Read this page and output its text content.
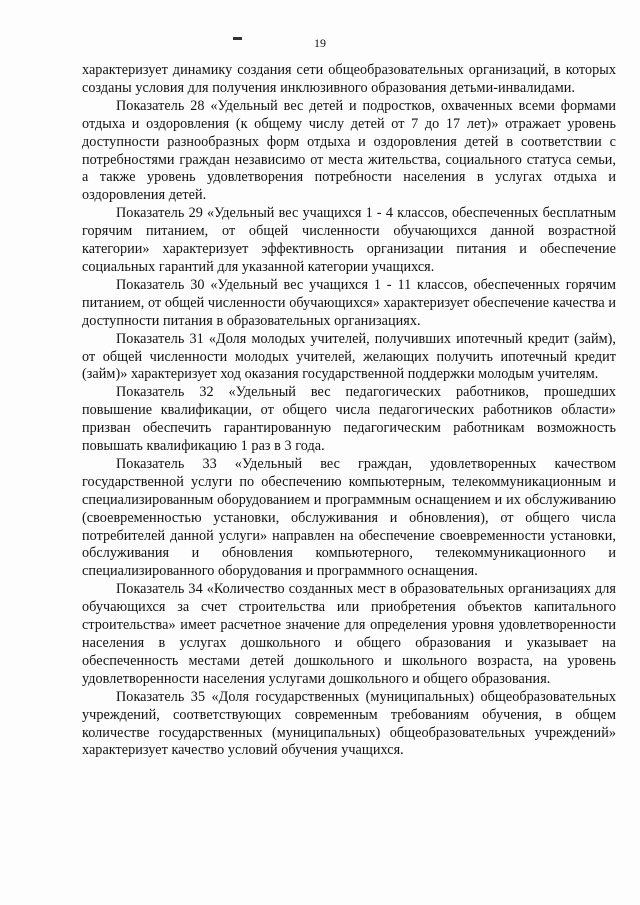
19

характеризует динамику создания сети общеобразовательных организаций, в которых созданы условия для получения инклюзивного образования детьми-инвалидами.

Показатель 28 «Удельный вес детей и подростков, охваченных всеми формами отдыха и оздоровления (к общему числу детей от 7 до 17 лет)» отражает уровень доступности разнообразных форм отдыха и оздоровления детей в соответствии с потребностями граждан независимо от места жительства, социального статуса семьи, а также уровень удовлетворения потребности населения в услугах отдыха и оздоровления детей.

Показатель 29 «Удельный вес учащихся 1 - 4 классов, обеспеченных бесплатным горячим питанием, от общей численности обучающихся данной возрастной категории» характеризует эффективность организации питания и обеспечение социальных гарантий для указанной категории учащихся.

Показатель 30 «Удельный вес учащихся 1 - 11 классов, обеспеченных горячим питанием, от общей численности обучающихся» характеризует обеспечение качества и доступности питания в образовательных организациях.

Показатель 31 «Доля молодых учителей, получивших ипотечный кредит (займ), от общей численности молодых учителей, желающих получить ипотечный кредит (займ)» характеризует ход оказания государственной поддержки молодым учителям.

Показатель 32 «Удельный вес педагогических работников, прошедших повышение квалификации, от общего числа педагогических работников области» призван обеспечить гарантированную педагогическим работникам возможность повышать квалификацию 1 раз в 3 года.

Показатель 33 «Удельный вес граждан, удовлетворенных качеством государственной услуги по обеспечению компьютерным, телекоммуникационным и специализированным оборудованием и программным оснащением и их обслуживанию (своевременностью установки, обслуживания и обновления), от общего числа потребителей данной услуги» направлен на обеспечение своевременности установки, обслуживания и обновления компьютерного, телекоммуникационного и специализированного оборудования и программного оснащения.

Показатель 34 «Количество созданных мест в образовательных организациях для обучающихся за счет строительства или приобретения объектов капитального строительства» имеет расчетное значение для определения уровня удовлетворенности населения в услугах дошкольного и общего образования и указывает на обеспеченность местами детей дошкольного и школьного возраста, на уровень удовлетворенности населения услугами дошкольного и общего образования.

Показатель 35 «Доля государственных (муниципальных) общеобразовательных учреждений, соответствующих современным требованиям обучения, в общем количестве государственных (муниципальных) общеобразовательных учреждений» характеризует качество условий обучения учащихся.
